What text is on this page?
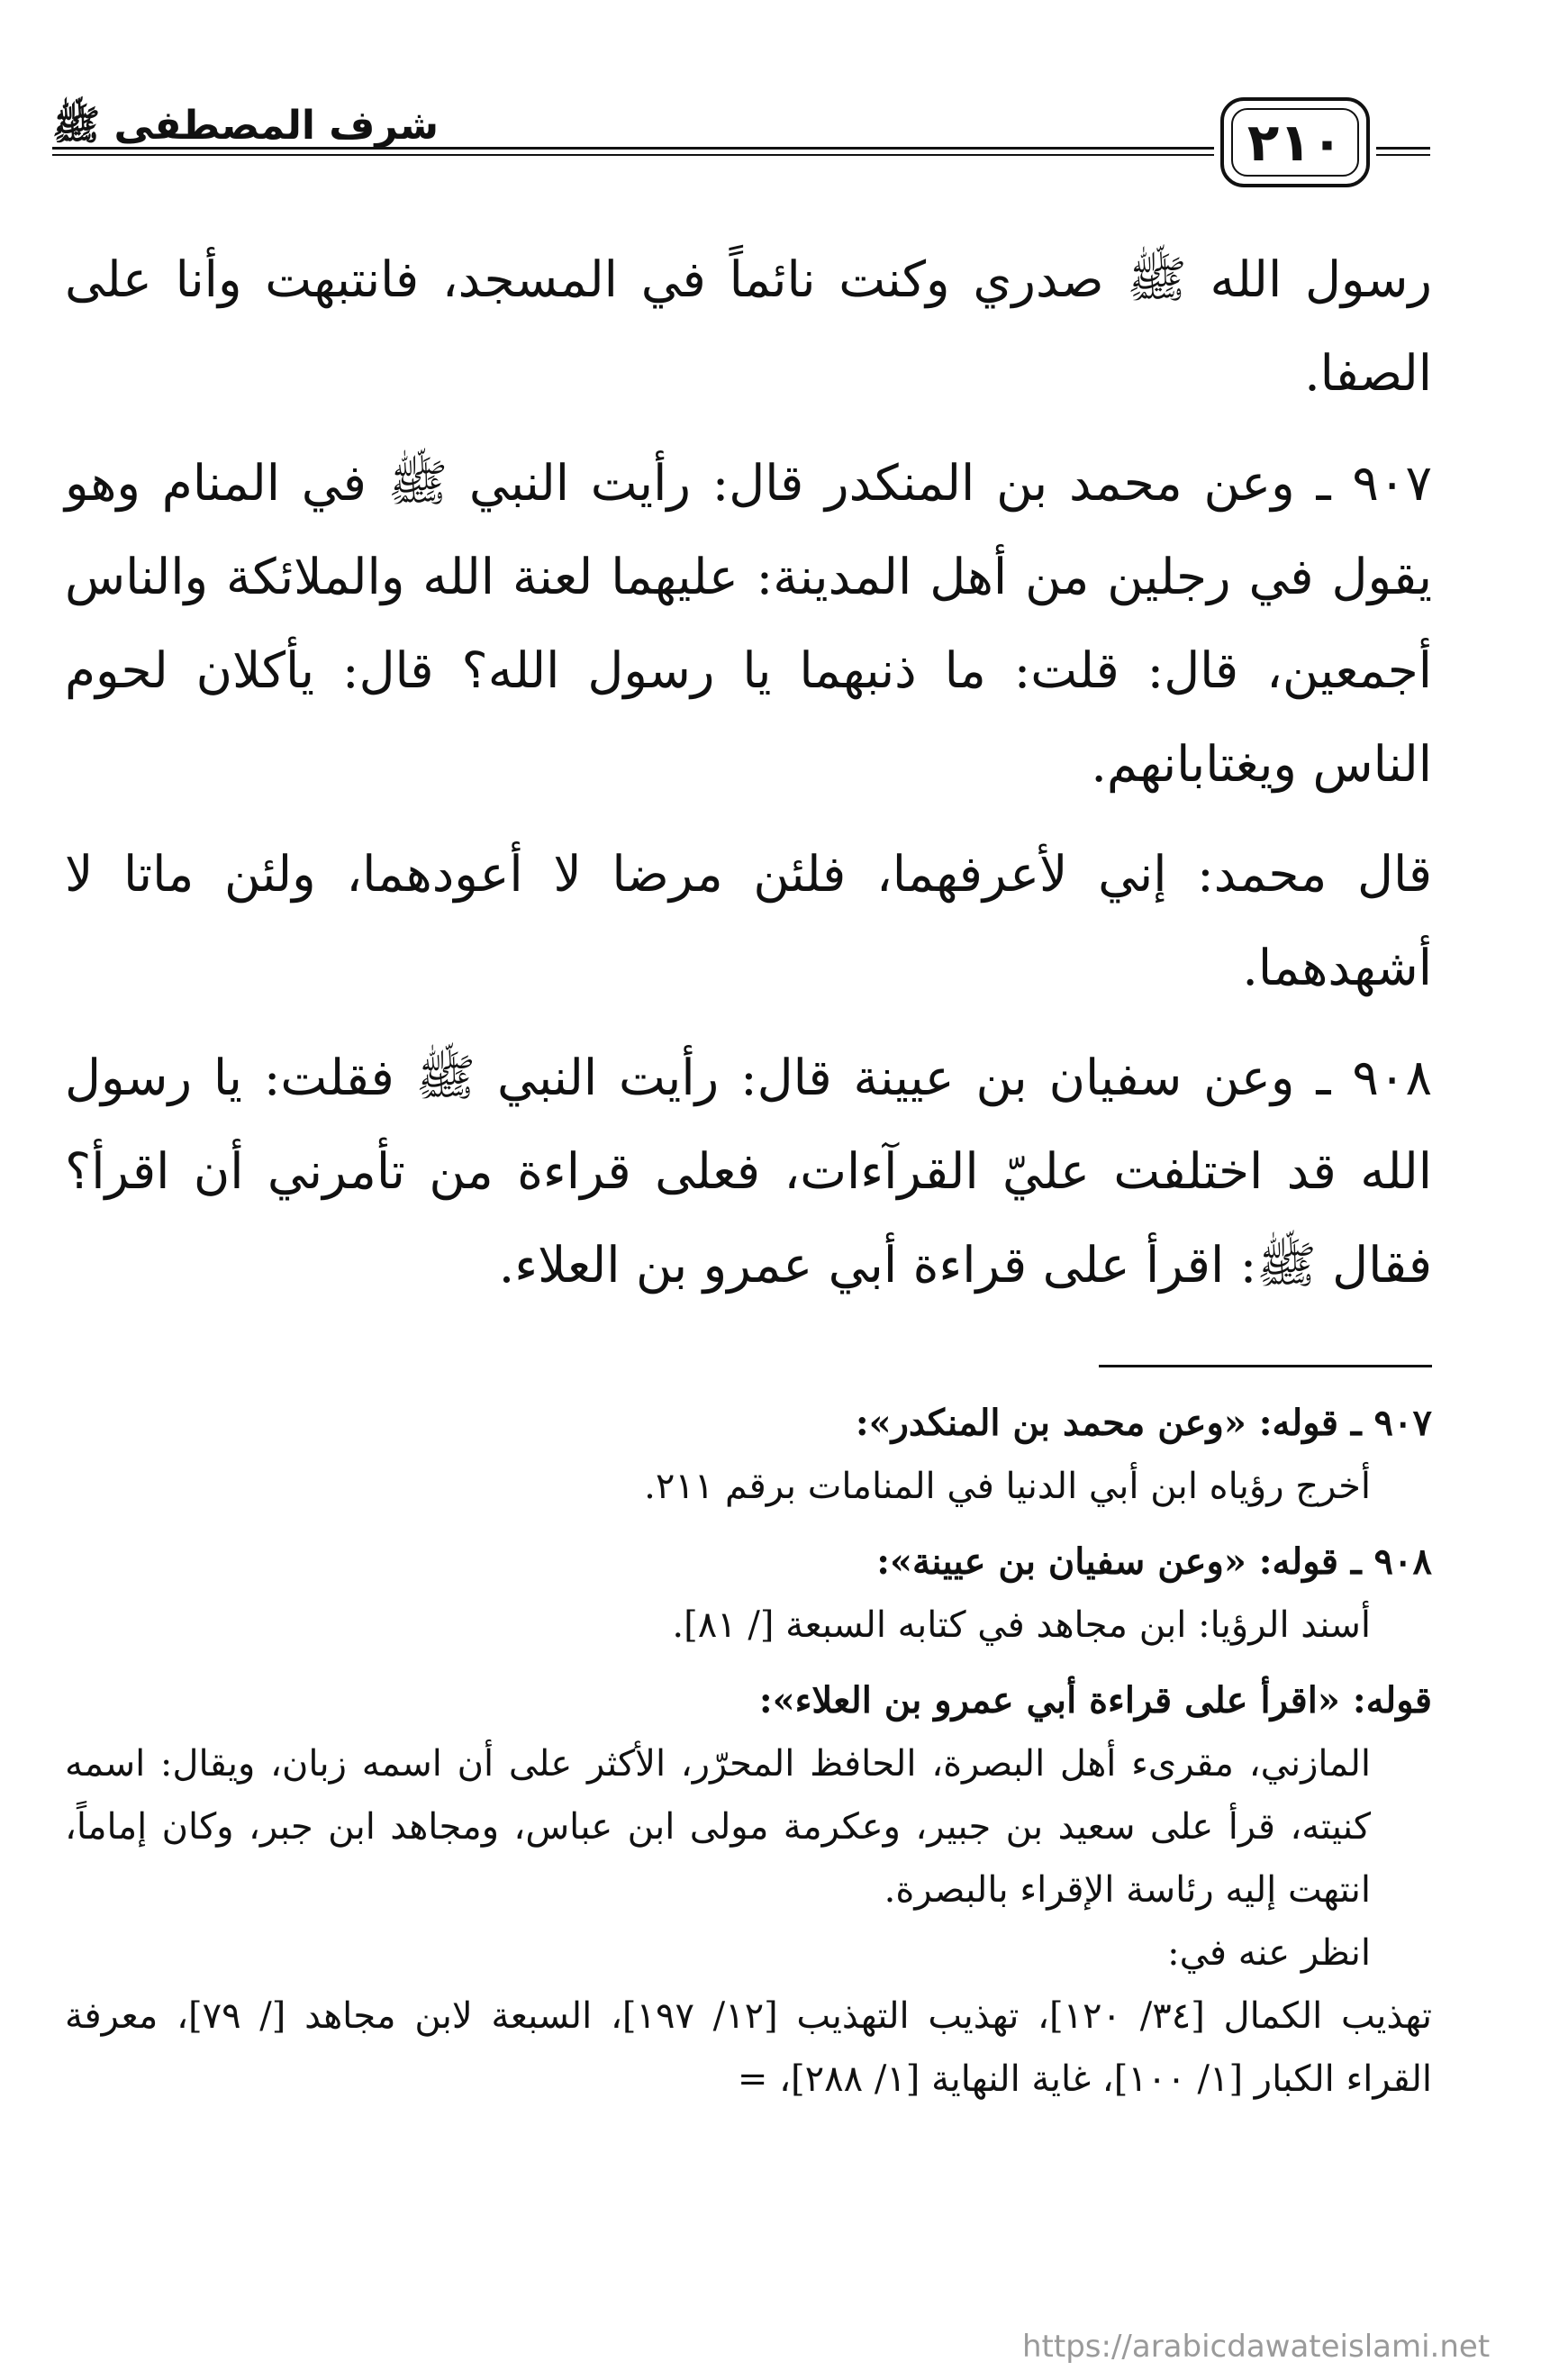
شرف المصطفى ﷺ	٢١٠

رسول الله ﷺ صدري وكنت نائماً في المسجد، فانتبهت وأنا على الصفا.

٩٠٧ ـ وعن محمد بن المنكدر قال: رأيت النبي ﷺ في المنام وهو يقول في رجلين من أهل المدينة: عليهما لعنة الله والملائكة والناس أجمعين، قال: قلت: ما ذنبهما يا رسول الله؟ قال: يأكلان لحوم الناس ويغتابانهم.

قال محمد: إني لأعرفهما، فلئن مرضا لا أعودهما، ولئن ماتا لا أشهدهما.

٩٠٨ ـ وعن سفيان بن عيينة قال: رأيت النبي ﷺ فقلت: يا رسول الله قد اختلفت عليّ القرآءات، فعلى قراءة من تأمرني أن اقرأ؟ فقال ﷺ: اقرأ على قراءة أبي عمرو بن العلاء.

٩٠٧ ـ قوله: «وعن محمد بن المنكدر»:

أخرج رؤياه ابن أبي الدنيا في المنامات برقم ٢١١.

٩٠٨ ـ قوله: «وعن سفيان بن عيينة»:

أسند الرؤيا: ابن مجاهد في كتابه السبعة [/ ٨١].

قوله: «اقرأ على قراءة أبي عمرو بن العلاء»:

المازني، مقرىء أهل البصرة، الحافظ المحرّر، الأكثر على أن اسمه زبان، ويقال: اسمه كنيته، قرأ على سعيد بن جبير، وعكرمة مولى ابن عباس، ومجاهد ابن جبر، وكان إماماً، انتهت إليه رئاسة الإقراء بالبصرة.

انظر عنه في:

تهذيب الكمال [٣٤/ ١٢٠]، تهذيب التهذيب [١٢/ ١٩٧]، السبعة لابن مجاهد [/ ٧٩]، معرفة القراء الكبار [١/ ١٠٠]، غاية النهاية [١/ ٢٨٨]، =

https://arabicdawateislami.net
